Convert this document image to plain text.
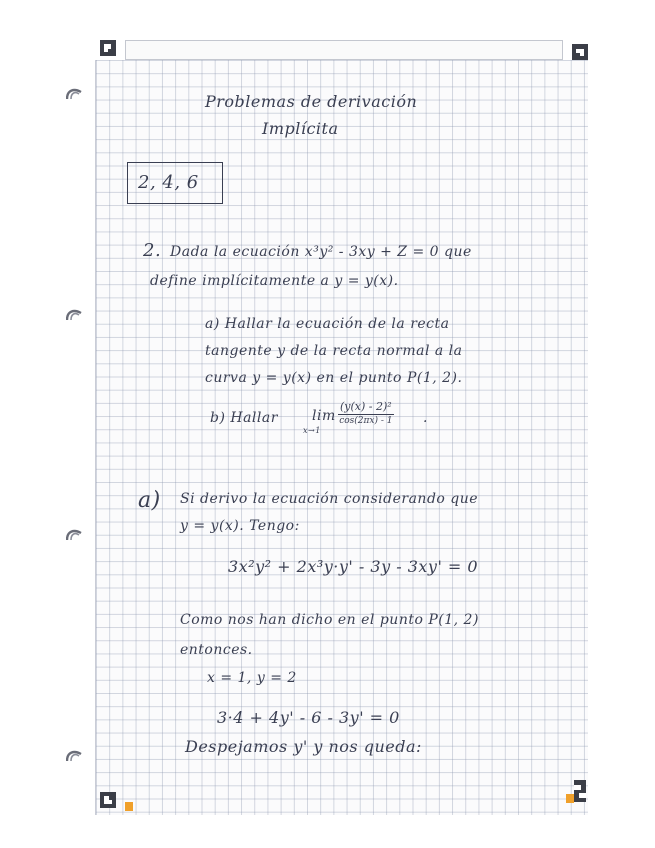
Problemas de derivación
Implícita
2, 4, 6
2. Dada la ecuación x³y² - 3xy + Z = 0 que
define implícitamente a y = y(x).
a) Hallar la ecuación de la recta
tangente y de la recta normal a la
curva y = y(x) en el punto P(1, 2).
b) Hallar lim
x→1
(y(x) - 2)²
cos(2πx) - 1 .
a) Si derivo la ecuación considerando que
y = y(x). Tengo:
3x²y² + 2x³y·y' - 3y - 3xy' = 0
Como nos han dicho en el punto P(1, 2)
entonces.
x = 1, y = 2
3·4 + 4y' - 6 - 3y' = 0
Despejamos y' y nos queda:
